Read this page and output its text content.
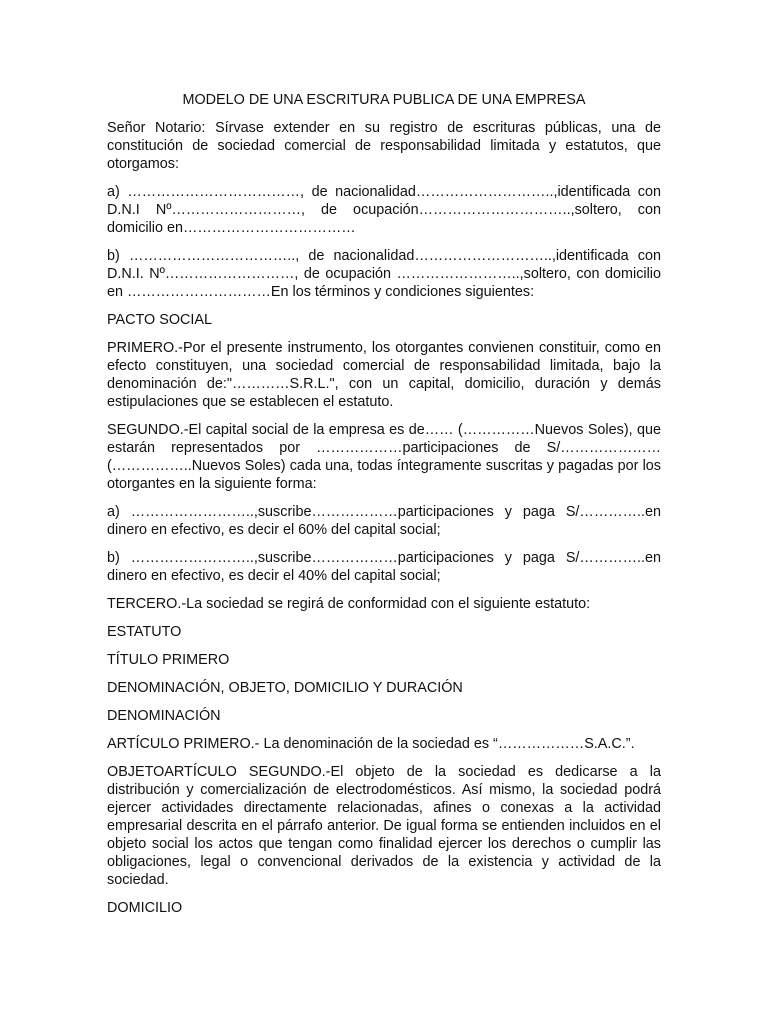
MODELO DE UNA ESCRITURA PUBLICA DE UNA EMPRESA
Señor Notario: Sírvase extender en su registro de escrituras públicas, una de constitución de sociedad comercial de responsabilidad limitada y estatutos, que otorgamos:
a) ………………………………, de nacionalidad………………………..,identificada con D.N.I Nº………………………, de ocupación…………………………..,soltero, con domicilio en………………………………
b) …………………………….., de nacionalidad………………………..,identificada con D.N.I. Nº………………………, de ocupación ……………………..,soltero, con domicilio en …………………………En los términos y condiciones siguientes:
PACTO SOCIAL
PRIMERO.-Por el presente instrumento, los otorgantes convienen constituir, como en efecto constituyen, una sociedad comercial de responsabilidad limitada, bajo la denominación de:"…………S.R.L.", con un capital, domicilio, duración y demás estipulaciones que se establecen el estatuto.
SEGUNDO.-El capital social de la empresa es de…… (……………Nuevos Soles), que estarán representados por ………………participaciones de S/…………………(……………..Nuevos Soles) cada una, todas íntegramente suscritas y pagadas por los otorgantes en la siguiente forma:
a) ……………………..,suscribe………………participaciones y paga S/…………..en dinero en efectivo, es decir el 60% del capital social;
b) ……………………..,suscribe………………participaciones y paga S/…………..en dinero en efectivo, es decir el 40% del capital social;
TERCERO.-La sociedad se regirá de conformidad con el siguiente estatuto:
ESTATUTO
TÍTULO PRIMERO
DENOMINACIÓN, OBJETO, DOMICILIO Y DURACIÓN
DENOMINACIÓN
ARTÍCULO PRIMERO.- La denominación de la sociedad es “………………S.A.C.”.
OBJETOARTÍCULO SEGUNDO.-El objeto de la sociedad es dedicarse a la distribución y comercialización de electrodomésticos. Así mismo, la sociedad podrá ejercer actividades directamente relacionadas, afines o conexas a la actividad empresarial descrita en el párrafo anterior. De igual forma se entienden incluidos en el objeto social los actos que tengan como finalidad ejercer los derechos o cumplir las obligaciones, legal o convencional derivados de la existencia y actividad de la sociedad.
DOMICILIO
